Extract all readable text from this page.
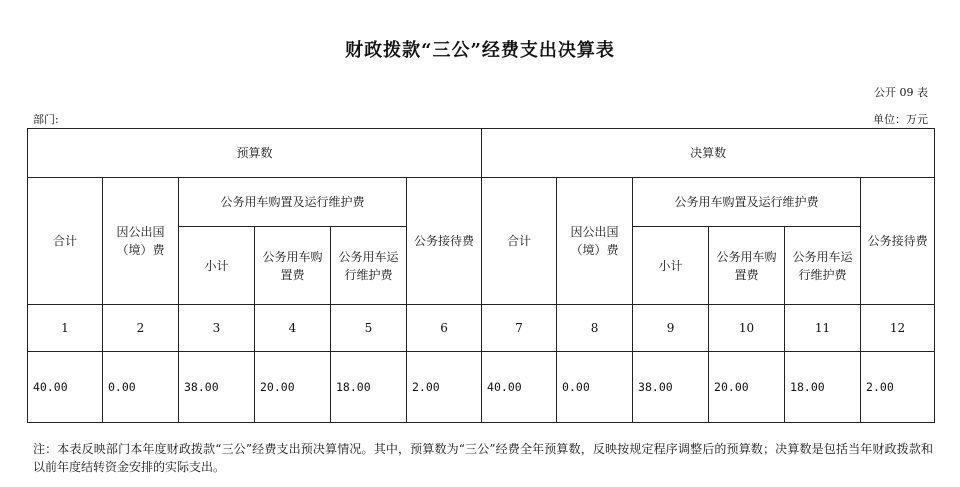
财政拨款“三公”经费支出决算表
公开 09 表
部门:	单位：万元
预算数						决算数					
合计	因公出国（境）费	公务用车购置及运行维护费			公务接待费	合计	因公出国（境）费	公务用车购置及运行维护费			公务接待费
		小计	公务用车购置费	公务用车运行维护费				小计	公务用车购置费	公务用车运行维护费	
1	2	3	4	5	6	7	8	9	10	11	12
40.00	0.00	38.00	20.00	18.00	2.00	40.00	0.00	38.00	20.00	18.00	2.00
注：本表反映部门本年度财政拨款“三公”经费支出预决算情况。其中，预算数为“三公”经费全年预算数，反映按规定程序调整后的预算数；决算数是包括当年财政拨款和以前年度结转资金安排的实际支出。
